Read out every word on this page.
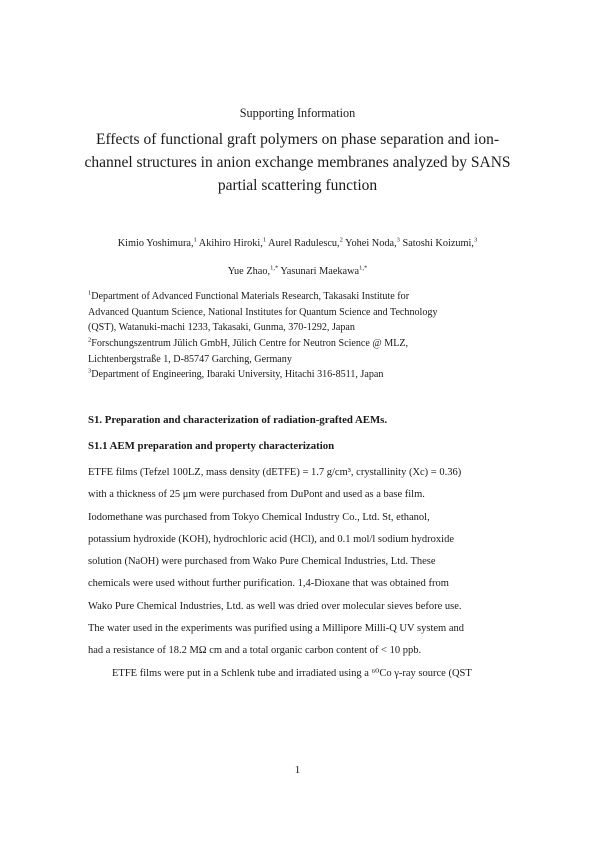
Supporting Information
Effects of functional graft polymers on phase separation and ion-
channel structures in anion exchange membranes analyzed by SANS
partial scattering function
Kimio Yoshimura,$^1$ Akihiro Hiroki,$^1$ Aurel Radulescu,$^2$ Yohei Noda,$^3$ Satoshi Koizumi,$^3$
Yue Zhao,$^{1,*}$ Yasunari Maekawa$^{1,*}$
$^1$Department of Advanced Functional Materials Research, Takasaki Institute for
Advanced Quantum Science, National Institutes for Quantum Science and Technology
(QST), Watanuki-machi 1233, Takasaki, Gunma, 370-1292, Japan
$^2$Forschungszentrum Jülich GmbH, Jülich Centre for Neutron Science @ MLZ,
Lichtenbergstraße 1, D-85747 Garching, Germany
$^3$Department of Engineering, Ibaraki University, Hitachi 316-8511, Japan
S1. Preparation and characterization of radiation-grafted AEMs.
S1.1 AEM preparation and property characterization
ETFE films (Tefzel 100LZ, mass density (dETFE) = 1.7 g/cm³, crystallinity (Xc) = 0.36)
with a thickness of 25 μm were purchased from DuPont and used as a base film.
Iodomethane was purchased from Tokyo Chemical Industry Co., Ltd. St, ethanol,
potassium hydroxide (KOH), hydrochloric acid (HCl), and 0.1 mol/l sodium hydroxide
solution (NaOH) were purchased from Wako Pure Chemical Industries, Ltd. These
chemicals were used without further purification. 1,4-Dioxane that was obtained from
Wako Pure Chemical Industries, Ltd. as well was dried over molecular sieves before use.
The water used in the experiments was purified using a Millipore Milli-Q UV system and
had a resistance of 18.2 MΩ cm and a total organic carbon content of < 10 ppb.
ETFE films were put in a Schlenk tube and irradiated using a ⁶⁰Co γ-ray source (QST
1
